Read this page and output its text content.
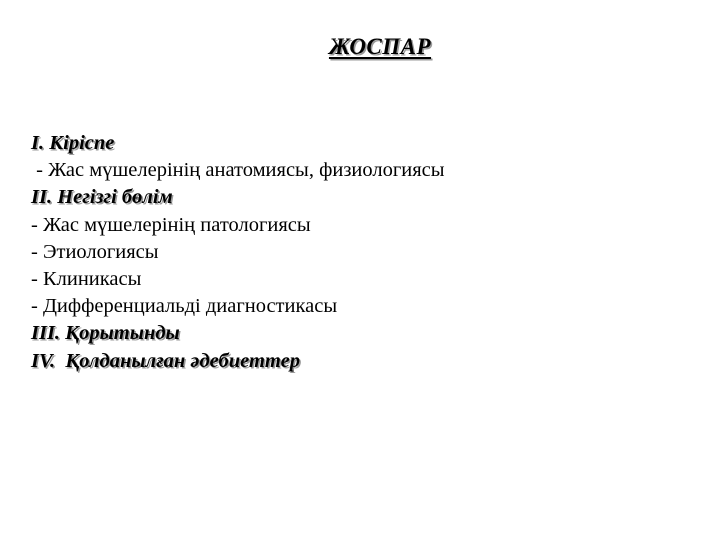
ЖОСПАР
I. Кіріспе
- Жас мүшелерінің анатомиясы, физиологиясы
II. Негізгі бөлім
- Жас мүшелерінің патологиясы
- Этиологиясы
- Клиникасы
- Дифференциальді диагностикасы
III. Қорытынды
IV.  Қолданылған әдебиеттер
